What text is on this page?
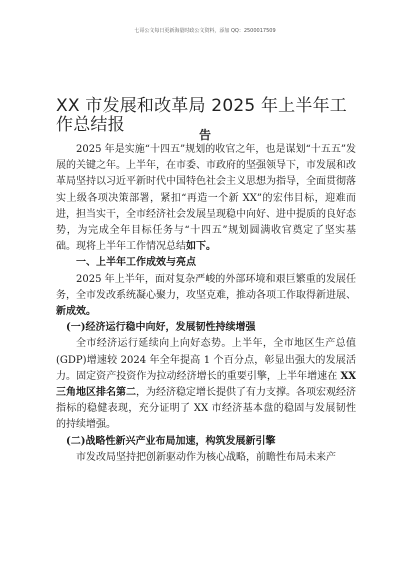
七哥公文每日更新海量时政公文资料，添加 QQ：2500017509
XX 市发展和改革局 2025 年上半年工作总结报	告

2025 年是实施“十四五”规划的收官之年，也是谋划“十五五”发展的关键之年。上半年，在市委、市政府的坚强领导下，市发展和改革局坚持以习近平新时代中国特色社会主义思想为指导，全面贯彻落实上级各项决策部署，紧扣“再造一个新 XX”的宏伟目标，迎难而进，担当实干，全市经济社会发展呈现稳中向好、进中提质的良好态势，为完成全年目标任务与“十四五”规划圆满收官奠定了坚实基础。现将上半年工作情况总结如下。

一、上半年工作成效与亮点

2025 年上半年，面对复杂严峻的外部环境和艰巨繁重的发展任务，全市发改系统凝心聚力，攻坚克难，推动各项工作取得新进展、新成效。

(一)经济运行稳中向好，发展韧性持续增强

全市经济运行延续向上向好态势。上半年，全市地区生产总值(GDP)增速较 2024 年全年提高 1 个百分点，彰显出强大的发展活力。固定资产投资作为拉动经济增长的重要引擎，上半年增速在 XX 三角地区排名第二，为经济稳定增长提供了有力支撑。各项宏观经济指标的稳健表现，充分证明了 XX 市经济基本盘的稳固与发展韧性的持续增强。

(二)战略性新兴产业布局加速，构筑发展新引擎

市发改局坚持把创新驱动作为核心战略，前瞻性布局未来产
